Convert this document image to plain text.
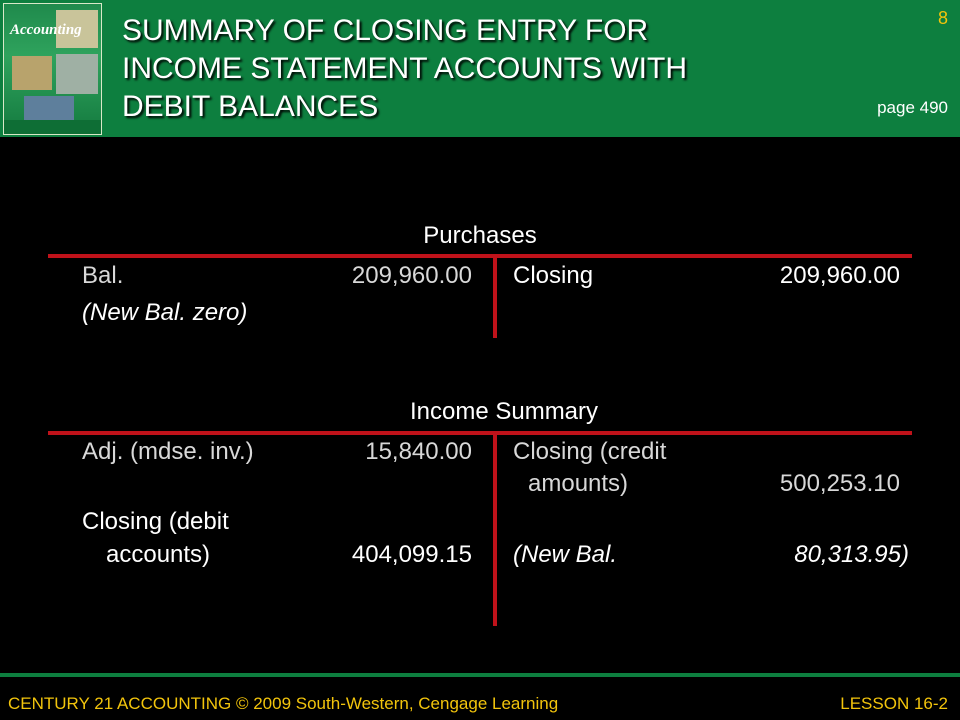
Accounting SUMMARY OF CLOSING ENTRY FOR
INCOME STATEMENT ACCOUNTS WITH
DEBIT BALANCES
8
page 490
Purchases
Bal.	209,960.00
(New Bal. zero)
Closing	209,960.00
Income Summary
Adj. (mdse. inv.)	15,840.00
Closing (debit
accounts)	404,099.15
Closing (credit
amounts)	500,253.10
(New Bal.	80,313.95)
CENTURY 21 ACCOUNTING © 2009 South-Western, Cengage Learning	LESSON 16-2
